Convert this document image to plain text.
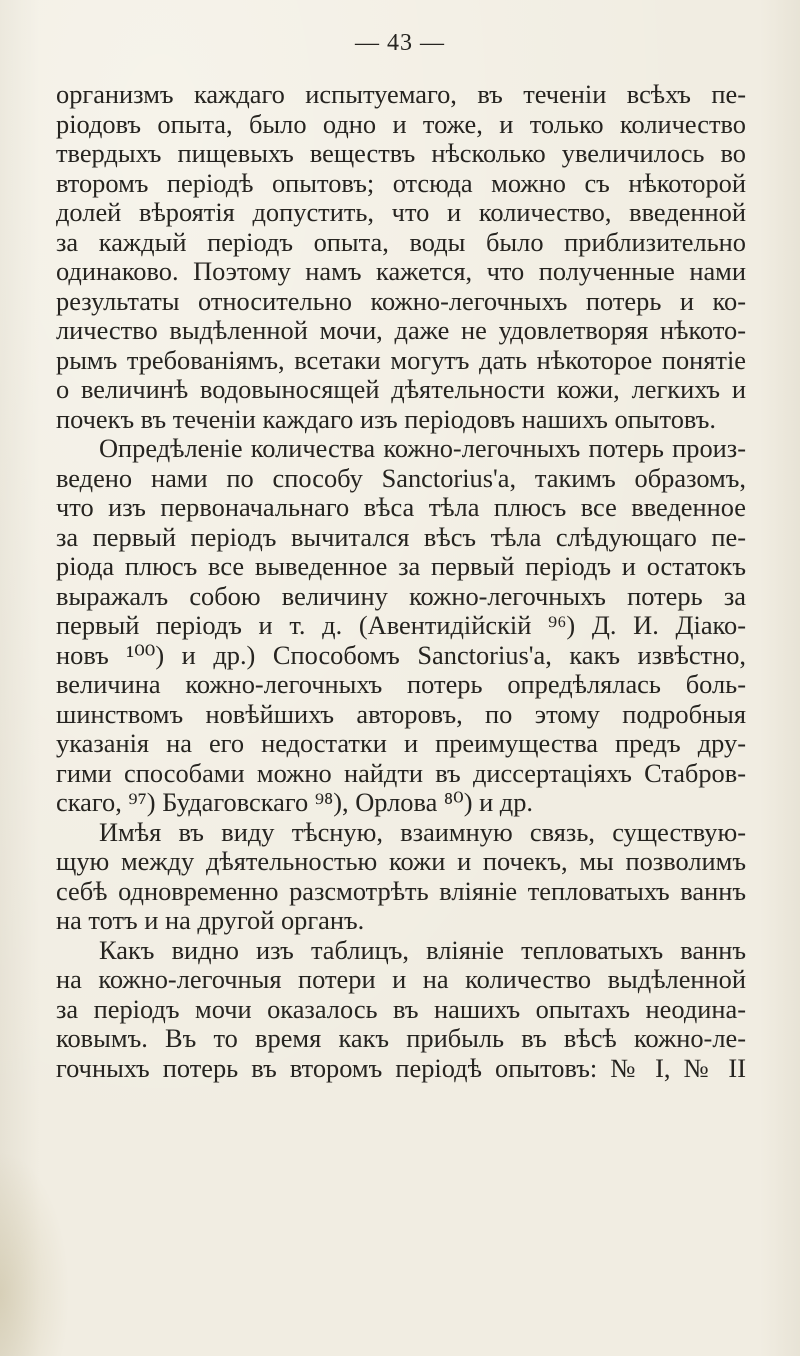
— 43 —
организмъ каждаго испытуемаго, въ теченіи всѣхъ пе-
ріодовъ опыта, было одно и тоже, и только количество
твердыхъ пищевыхъ веществъ нѣсколько увеличилось во
второмъ періодѣ опытовъ; отсюда можно съ нѣкоторой
долей вѣроятія допустить, что и количество, введенной
за каждый періодъ опыта, воды было приблизительно
одинаково. Поэтому намъ кажется, что полученные нами
результаты относительно кожно-легочныхъ потерь и ко-
личество выдѣленной мочи, даже не удовлетворяя нѣкото-
рымъ требованіямъ, всетаки могутъ дать нѣкоторое понятіе
о величинѣ водовыносящей дѣятельности кожи, легкихъ и
почекъ въ теченіи каждаго изъ періодовъ нашихъ опытовъ.
Опредѣленіе количества кожно-легочныхъ потерь произ-
ведено нами по способу Sanctorius'а, такимъ образомъ,
что изъ первоначальнаго вѣса тѣла плюсъ все введенное
за первый періодъ вычитался вѣсъ тѣла слѣдующаго пе-
ріода плюсъ все выведенное за первый періодъ и остатокъ
выражалъ собою величину кожно-легочныхъ потерь за
первый періодъ и т. д. (Авентидійскій ⁹⁶) Д. И. Діако-
новъ ¹⁰⁰) и др.) Способомъ Sanctorius'а, какъ извѣстно,
величина кожно-легочныхъ потерь опредѣлялась боль-
шинствомъ новѣйшихъ авторовъ, по этому подробныя
указанія на его недостатки и преимущества предъ дру-
гими способами можно найдти въ диссертаціяхъ Стабров-
скаго, ⁹⁷) Будаговскаго ⁹⁸), Орлова ⁸⁰) и др.
Имѣя въ виду тѣсную, взаимную связь, существую-
щую между дѣятельностью кожи и почекъ, мы позволимъ
себѣ одновременно разсмотрѣть вліяніе тепловатыхъ ваннъ
на тотъ и на другой органъ.
Какъ видно изъ таблицъ, вліяніе тепловатыхъ ваннъ
на кожно-легочныя потери и на количество выдѣленной
за періодъ мочи оказалось въ нашихъ опытахъ неодина-
ковымъ. Въ то время какъ прибыль въ вѣсѣ кожно-ле-
гочныхъ потерь въ второмъ періодѣ опытовъ: № I, № II
